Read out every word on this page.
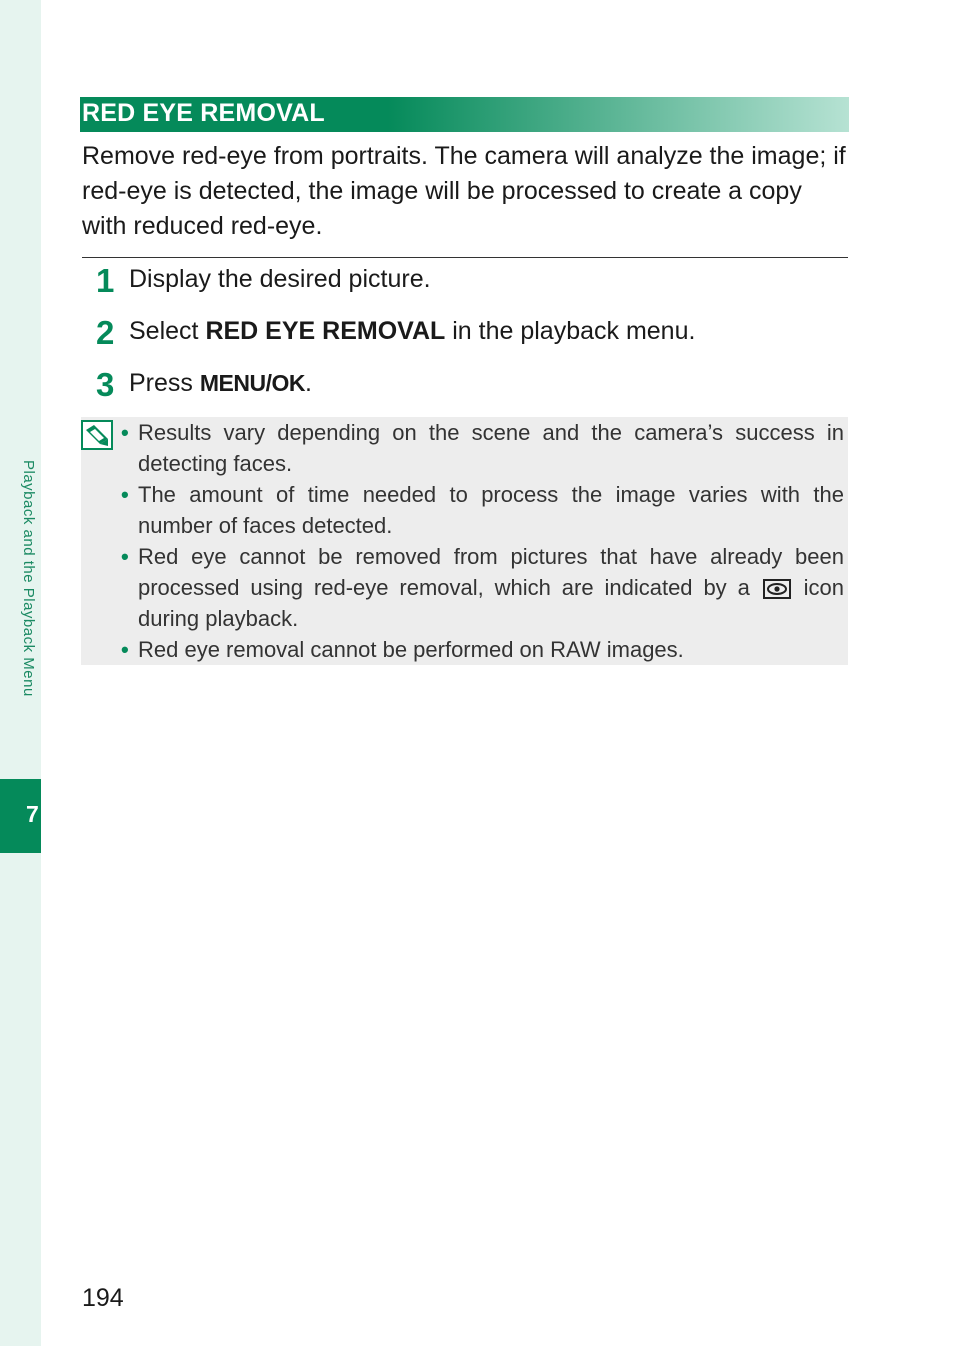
Playback and the Playback Menu
7
RED EYE REMOVAL

Remove red-eye from portraits. The camera will analyze the image; if red-eye is detected, the image will be processed to create a copy with reduced red-eye.

1 Display the desired picture.
2 Select RED EYE REMOVAL in the playback menu.
3 Press MENU/OK.
• Results vary depending on the scene and the camera’s success in detecting faces.
• The amount of time needed to process the image varies with the number of faces detected.
• Red eye cannot be removed from pictures that have already been processed using red-eye removal, which are indicated by a icon during playback.
• Red eye removal cannot be performed on RAW images.
194
